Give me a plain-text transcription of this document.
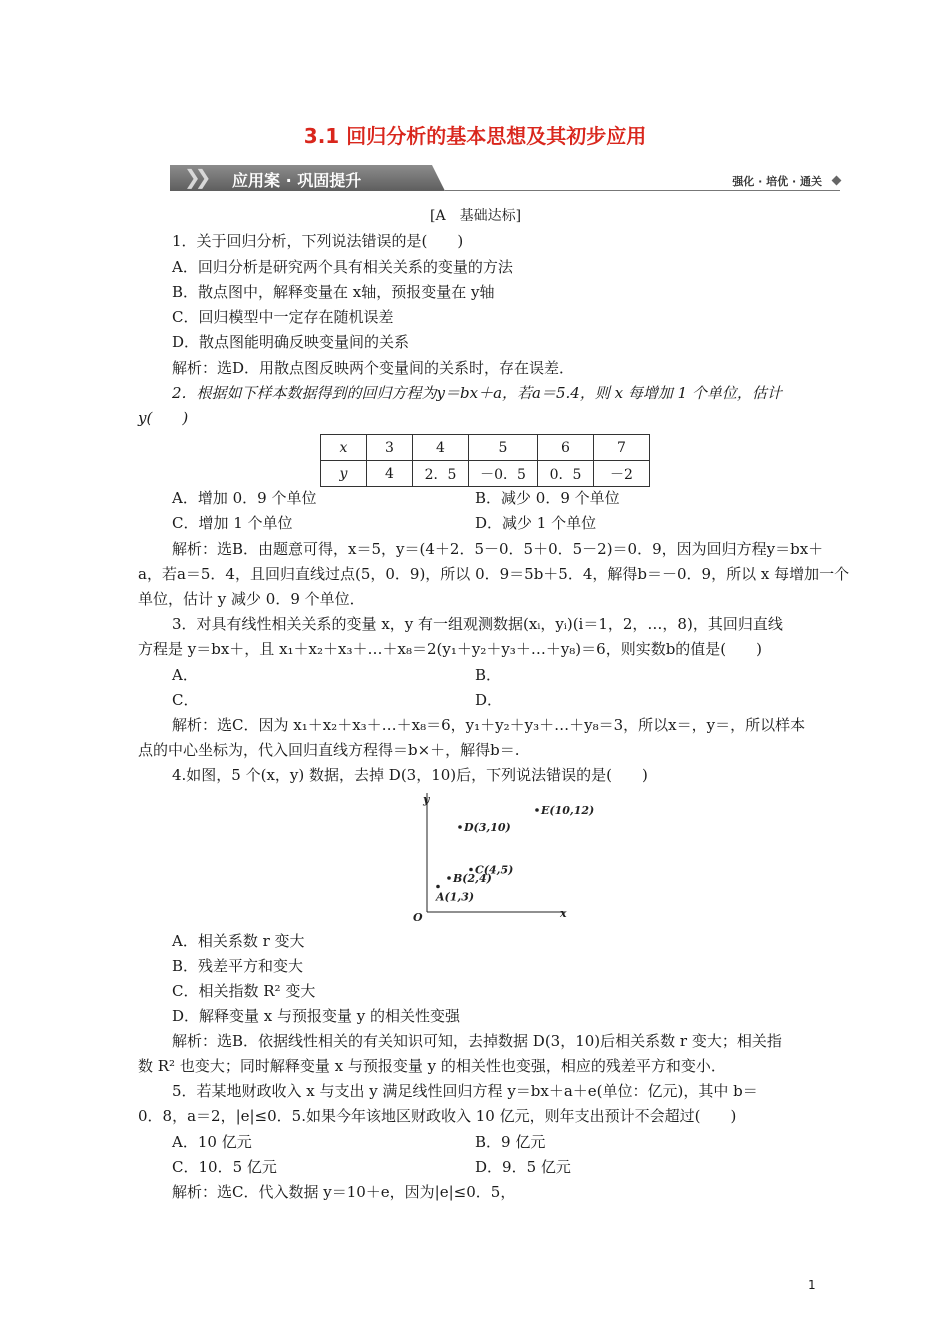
3.1 回归分析的基本思想及其初步应用
❯❯ 应用案 · 巩固提升	强化 · 培优 · 通关
[A　基础达标]
1．关于回归分析，下列说法错误的是(　　)
A．回归分析是研究两个具有相关关系的变量的方法
B．散点图中，解释变量在 x轴，预报变量在 y轴
C．回归模型中一定存在随机误差
D．散点图能明确反映变量间的关系
解析：选D．用散点图反映两个变量间的关系时，存在误差．
2．根据如下样本数据得到的回归方程为y＝bx＋a，若a＝5.4，则 x 每增加 1 个单位，估计
y(　　)
x	3	4	5	6	7
y	4	2．5	－0．5	0．5	－2
A．增加 0．9 个单位	B．减少 0．9 个单位
C．增加 1 个单位	D．减少 1 个单位
解析：选B．由题意可得，x＝5，y＝(4＋2．5－0．5＋0．5－2)＝0．9，因为回归方程y＝bx＋
a，若a＝5．4，且回归直线过点(5，0．9)，所以 0．9＝5b＋5．4，解得b＝－0．9，所以 x 每增加一个
单位，估计 y 减少 0．9 个单位．
3．对具有线性相关关系的变量 x，y 有一组观测数据(xᵢ，yᵢ)(i＝1，2，…，8)，其回归直线
方程是 y＝bx＋，且 x₁＋x₂＋x₃＋…＋x₈＝2(y₁＋y₂＋y₃＋…＋y₈)＝6，则实数b的值是(　　)
A．	B．
C．	D．
解析：选C．因为 x₁＋x₂＋x₃＋…＋x₈＝6，y₁＋y₂＋y₃＋…＋y₈＝3，所以x＝，y＝，所以样本
点的中心坐标为，代入回归直线方程得＝b×＋，解得b＝.
4.如图，5 个(x，y) 数据，去掉 D(3，10)后，下列说法错误的是(　　)
x
y
O
A(1,3)
B(2,4)
C(4,5)
D(3,10)
E(10,12)
A．相关系数 r 变大
B．残差平方和变大
C．相关指数 R² 变大
D．解释变量 x 与预报变量 y 的相关性变强
解析：选B．依据线性相关的有关知识可知，去掉数据 D(3，10)后相关系数 r 变大；相关指
数 R² 也变大；同时解释变量 x 与预报变量 y 的相关性也变强，相应的残差平方和变小．
5．若某地财政收入 x 与支出 y 满足线性回归方程 y＝bx＋a＋e(单位：亿元)，其中 b＝
0．8，a＝2，|e|≤0．5.如果今年该地区财政收入 10 亿元，则年支出预计不会超过(　　)
A．10 亿元	B．9 亿元
C．10．5 亿元	D．9．5 亿元
解析：选C．代入数据 y＝10＋e，因为|e|≤0．5，
1
